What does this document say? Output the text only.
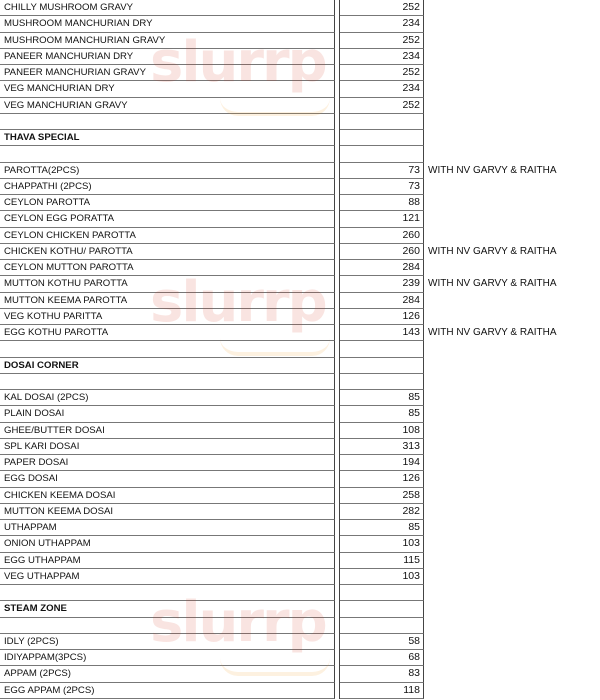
CHILLY MUSHROOM GRAVY	252
MUSHROOM MANCHURIAN DRY	234
MUSHROOM MANCHURIAN GRAVY	252
PANEER MANCHURIAN DRY	234
PANEER MANCHURIAN GRAVY	252
VEG MANCHURIAN DRY	234
VEG MANCHURIAN GRAVY	252
THAVA SPECIAL
PAROTTA(2PCS)	73 WITH NV GARVY & RAITHA
CHAPPATHI (2PCS)	73
CEYLON PAROTTA	88
CEYLON EGG PORATTA	121
CEYLON CHICKEN PAROTTA	260
CHICKEN KOTHU/ PAROTTA	260 WITH NV GARVY & RAITHA
CEYLON MUTTON PAROTTA	284
MUTTON KOTHU PAROTTA	239 WITH NV GARVY & RAITHA
MUTTON KEEMA PAROTTA	284
VEG KOTHU PARITTA	126
EGG KOTHU PAROTTA	143 WITH NV GARVY & RAITHA
DOSAI CORNER
KAL DOSAI (2PCS)	85
PLAIN DOSAI	85
GHEE/BUTTER DOSAI	108
SPL KARI DOSAI	313
PAPER DOSAI	194
EGG DOSAI	126
CHICKEN KEEMA DOSAI	258
MUTTON KEEMA DOSAI	282
UTHAPPAM	85
ONION UTHAPPAM	103
EGG UTHAPPAM	115
VEG UTHAPPAM	103
STEAM ZONE
IDLY (2PCS)	58
IDIYAPPAM(3PCS)	68
APPAM (2PCS)	83
EGG APPAM (2PCS)	118
slurrp
slurrp
slurrp
